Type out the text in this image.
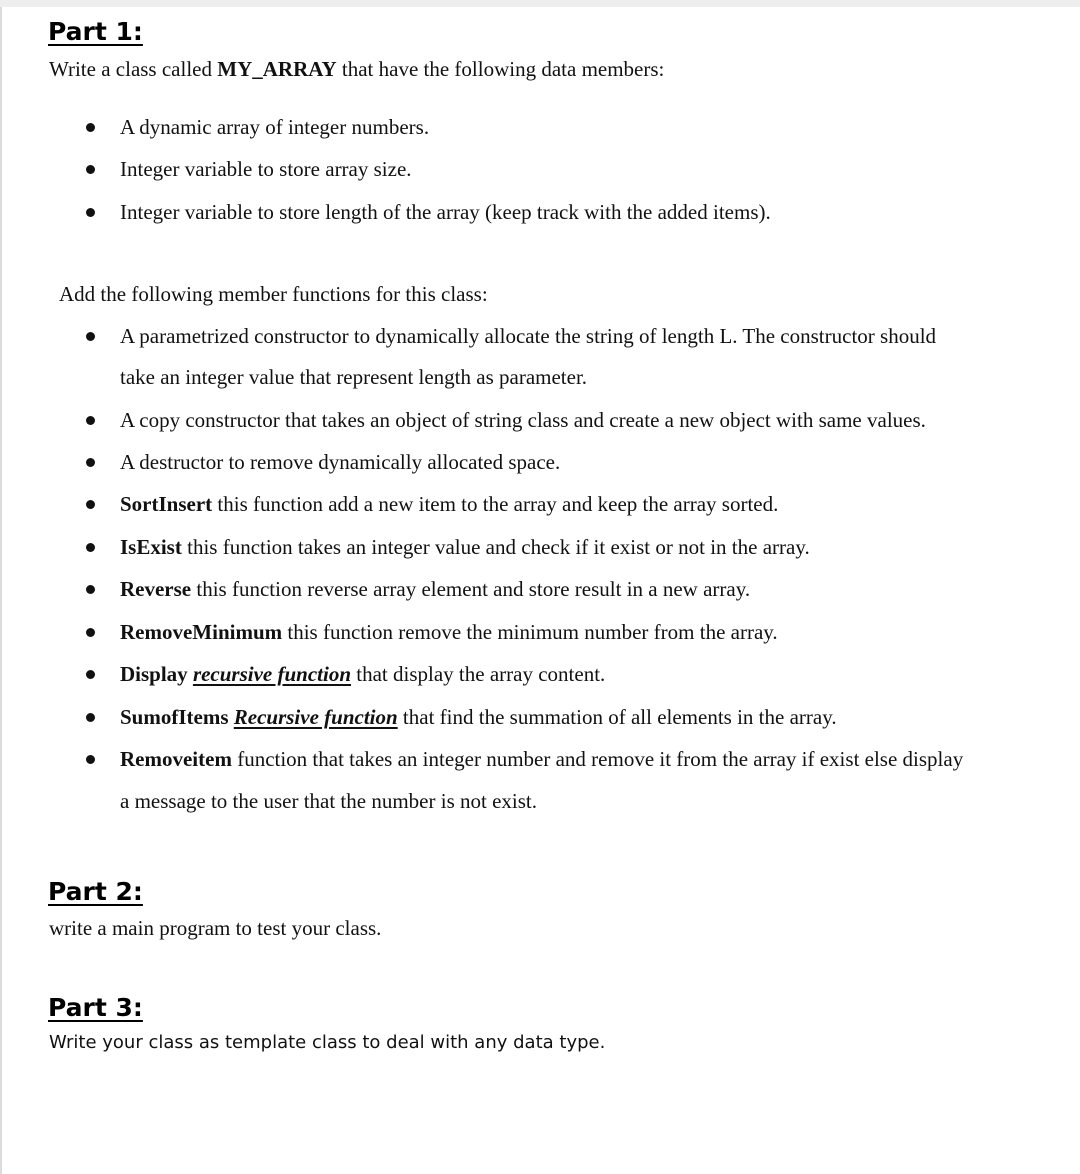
Part 1:
Write a class called MY_ARRAY that have the following data members:
A dynamic array of integer numbers.
Integer variable to store array size.
Integer variable to store length of the array (keep track with the added items).
Add the following member functions for this class:
A parametrized constructor to dynamically allocate the string of length L. The constructor should
take an integer value that represent length as parameter.
A copy constructor that takes an object of string class and create a new object with same values.
A destructor to remove dynamically allocated space.
SortInsert this function add a new item to the array and keep the array sorted.
IsExist this function takes an integer value and check if it exist or not in the array.
Reverse this function reverse array element and store result in a new array.
RemoveMinimum this function remove the minimum number from the array.
Display recursive function that display the array content.
SumofItems Recursive function that find the summation of all elements in the array.
Removeitem function that takes an integer number and remove it from the array if exist else display
a message to the user that the number is not exist.
Part 2:
write a main program to test your class.
Part 3:
Write your class as template class to deal with any data type.
